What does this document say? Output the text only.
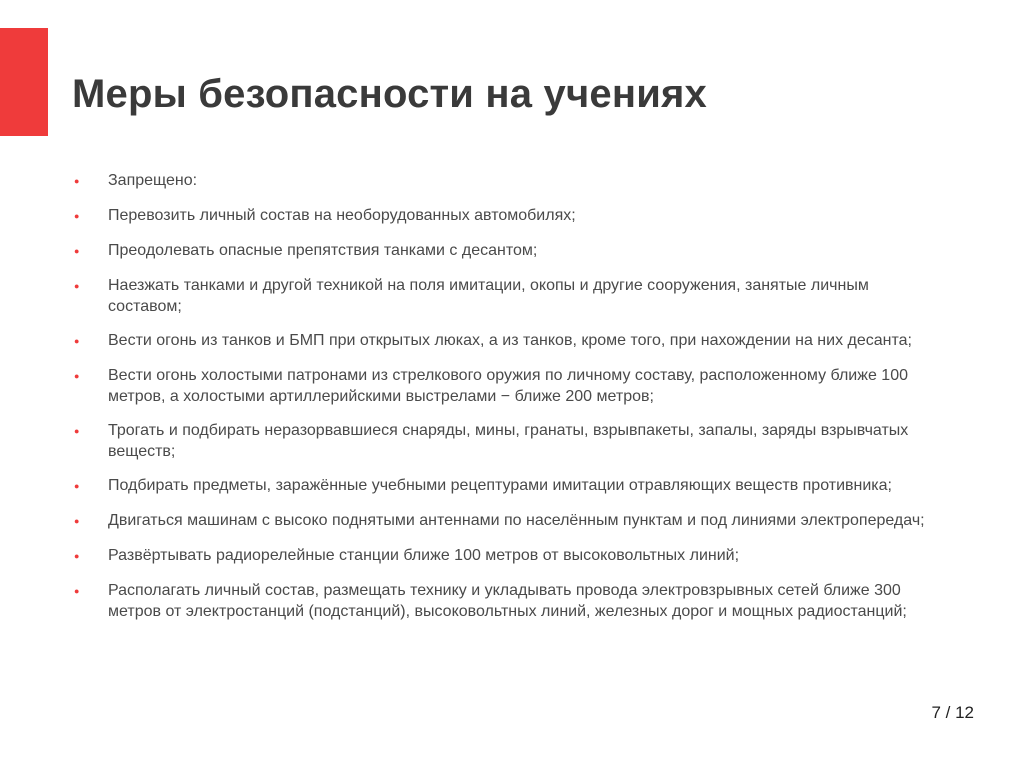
Меры безопасности на учениях
●	Запрещено:
●	Перевозить личный состав на необорудованных автомобилях;
●	Преодолевать опасные препятствия танками с десантом;
●	Наезжать танками и другой техникой на поля имитации, окопы и другие сооружения, занятые личным составом;
●	Вести огонь из танков и БМП при открытых люках, а из танков, кроме того, при нахождении на них десанта;
●	Вести огонь холостыми патронами из стрелкового оружия по личному составу, расположенному ближе 100 метров, а холостыми артиллерийскими выстрелами − ближе 200 метров;
●	Трогать и подбирать неразорвавшиеся снаряды, мины, гранаты, взрывпакеты, запалы, заряды взрывчатых веществ;
●	Подбирать предметы, заражённые учебными рецептурами имитации отравляющих веществ противника;
●	Двигаться машинам с высоко поднятыми антеннами по населённым пунктам и под линиями электропередач;
●	Развёртывать радиорелейные станции ближе 100 метров от высоковольтных линий;
●	Располагать личный состав, размещать технику и укладывать провода электровзрывных сетей ближе 300 метров от электростанций (подстанций), высоковольтных линий, железных дорог и мощных радиостанций;
7 / 12
